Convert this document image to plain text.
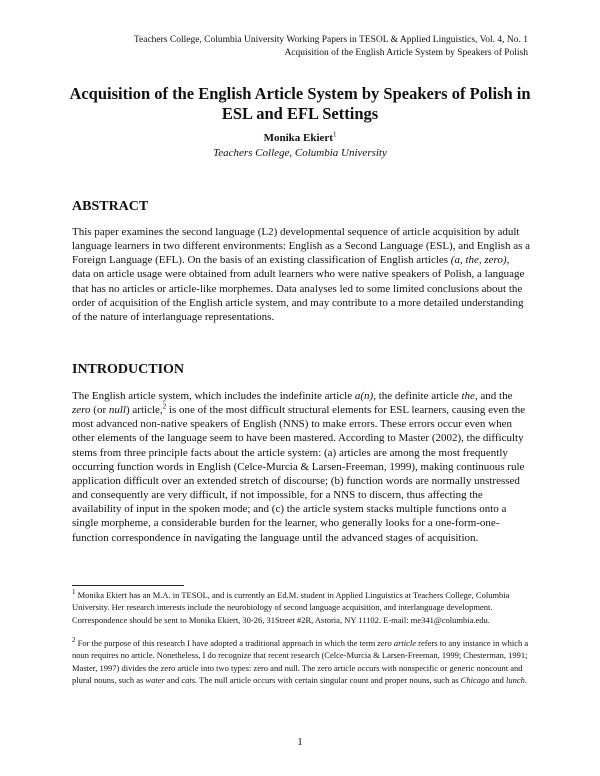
Teachers College, Columbia University Working Papers in TESOL & Applied Linguistics, Vol. 4, No. 1
Acquisition of the English Article System by Speakers of Polish
Acquisition of the English Article System by Speakers of Polish in
ESL and EFL Settings
Monika Ekiert$^1$
Teachers College, Columbia University
ABSTRACT

This paper examines the second language (L2) developmental sequence of article acquisition by adult language learners in two different environments: English as a Second Language (ESL), and English as a Foreign Language (EFL). On the basis of an existing classification of English articles (a, the, zero), data on article usage were obtained from adult learners who were native speakers of Polish, a language that has no articles or article-like morphemes. Data analyses led to some limited conclusions about the order of acquisition of the English article system, and may contribute to a more detailed understanding of the nature of interlanguage representations.

INTRODUCTION

The English article system, which includes the indefinite article a(n), the definite article the, and the zero (or null) article,$^2$ is one of the most difficult structural elements for ESL learners, causing even the most advanced non-native speakers of English (NNS) to make errors. These errors occur even when other elements of the language seem to have been mastered. According to Master (2002), the difficulty stems from three principle facts about the article system: (a) articles are among the most frequently occurring function words in English (Celce-Murcia & Larsen-Freeman, 1999), making continuous rule application difficult over an extended stretch of discourse; (b) function words are normally unstressed and consequently are very difficult, if not impossible, for a NNS to discern, thus affecting the availability of input in the spoken mode; and (c) the article system stacks multiple functions onto a single morpheme, a considerable burden for the learner, who generally looks for a one-form-one-function correspondence in navigating the language until the advanced stages of acquisition.

$^1$ Monika Ekiert has an M.A. in TESOL, and is currently an Ed.M. student in Applied Linguistics at Teachers College, Columbia University. Her research interests include the neurobiology of second language acquisition, and interlanguage development. Correspondence should be sent to Monika Ekiert, 30-26, 31Street #2R, Astoria, NY 11102. E-mail: me341@columbia.edu.

$^2$ For the purpose of this research I have adopted a traditional approach in which the term zero article refers to any instance in which a noun requires no article. Nonetheless, I do recognize that recent research (Celce-Murcia & Larsen-Freeman, 1999; Chesterman, 1991; Master, 1997) divides the zero article into two types: zero and null. The zero article occurs with nonspecific or generic noncount and plural nouns, such as water and cats. The null article occurs with certain singular count and proper nouns, such as Chicago and lunch.

1
